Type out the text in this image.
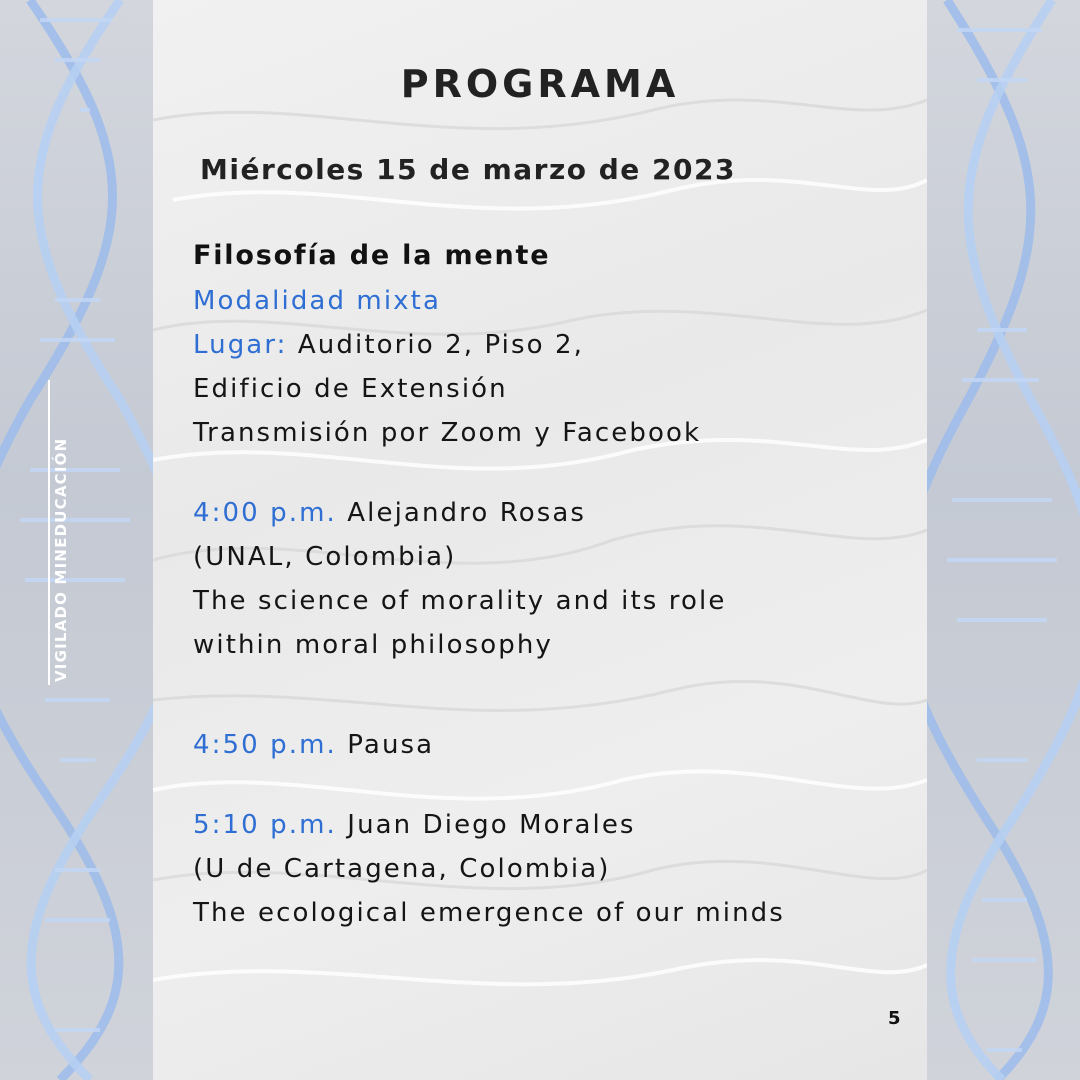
VIGILADO MINEDUCACIÓN
PROGRAMA
Miércoles 15 de marzo de 2023
Filosofía de la mente
Modalidad mixta
Lugar: Auditorio 2, Piso 2,
Edificio de Extensión
Transmisión por Zoom y Facebook
4:00 p.m. Alejandro Rosas
(UNAL, Colombia)
The science of morality and its role
within moral philosophy
4:50 p.m. Pausa
5:10 p.m. Juan Diego Morales
(U de Cartagena, Colombia)
The ecological emergence of our minds
5
